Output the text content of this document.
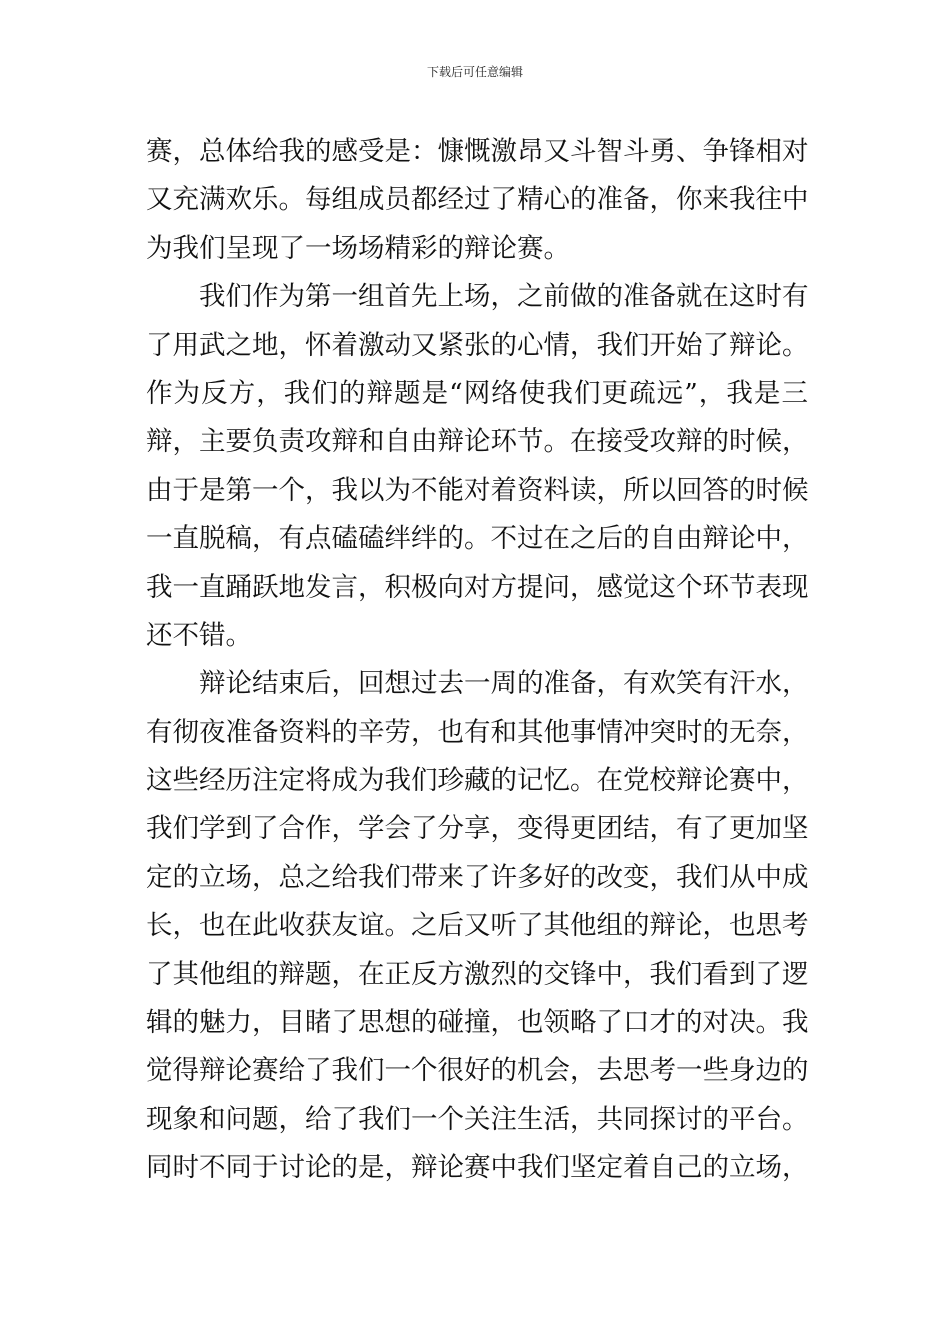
下载后可任意编辑
赛，总体给我的感受是：慷慨激昂又斗智斗勇、争锋相对
又充满欢乐。每组成员都经过了精心的准备，你来我往中
为我们呈现了一场场精彩的辩论赛。
我们作为第一组首先上场，之前做的准备就在这时有
了用武之地，怀着激动又紧张的心情，我们开始了辩论。
作为反方，我们的辩题是“网络使我们更疏远”，我是三
辩，主要负责攻辩和自由辩论环节。在接受攻辩的时候，
由于是第一个，我以为不能对着资料读，所以回答的时候
一直脱稿，有点磕磕绊绊的。不过在之后的自由辩论中，
我一直踊跃地发言，积极向对方提问，感觉这个环节表现
还不错。
辩论结束后，回想过去一周的准备，有欢笑有汗水，
有彻夜准备资料的辛劳，也有和其他事情冲突时的无奈，
这些经历注定将成为我们珍藏的记忆。在党校辩论赛中，
我们学到了合作，学会了分享，变得更团结，有了更加坚
定的立场，总之给我们带来了许多好的改变，我们从中成
长，也在此收获友谊。之后又听了其他组的辩论，也思考
了其他组的辩题，在正反方激烈的交锋中，我们看到了逻
辑的魅力，目睹了思想的碰撞，也领略了口才的对决。我
觉得辩论赛给了我们一个很好的机会，去思考一些身边的
现象和问题，给了我们一个关注生活，共同探讨的平台。
同时不同于讨论的是，辩论赛中我们坚定着自己的立场，
